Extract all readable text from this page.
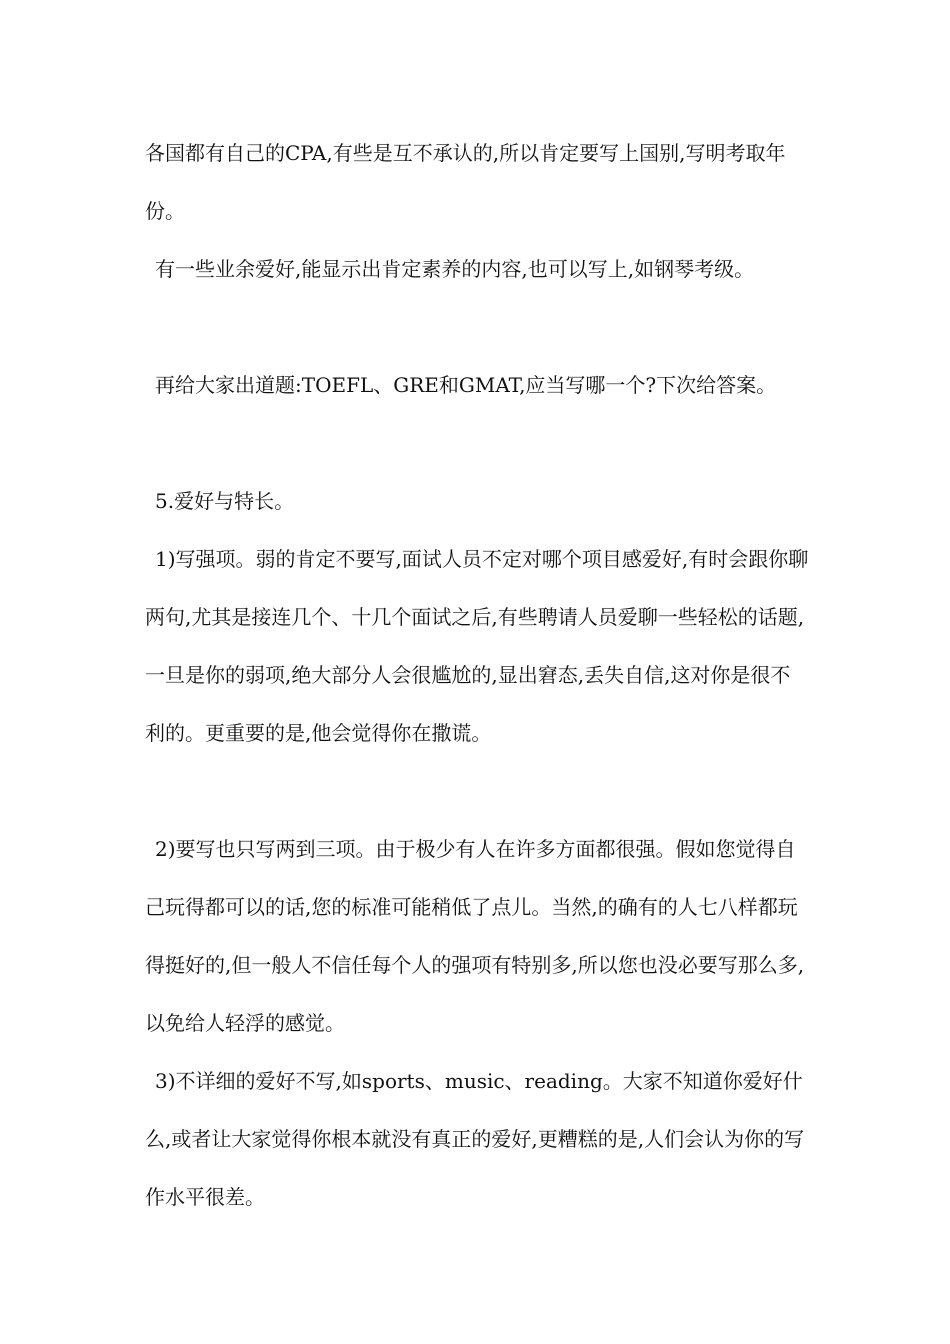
各国都有自己的CPA,有些是互不承认的,所以肯定要写上国别,写明考取年份。

有一些业余爱好,能显示出肯定素养的内容,也可以写上,如钢琴考级。

再给大家出道题:TOEFL、GRE和GMAT,应当写哪一个?下次给答案。

5.爱好与特长。

1)写强项。弱的肯定不要写,面试人员不定对哪个项目感爱好,有时会跟你聊两句,尤其是接连几个、十几个面试之后,有些聘请人员爱聊一些轻松的话题,一旦是你的弱项,绝大部分人会很尴尬的,显出窘态,丢失自信,这对你是很不利的。更重要的是,他会觉得你在撒谎。

2)要写也只写两到三项。由于极少有人在许多方面都很强。假如您觉得自己玩得都可以的话,您的标准可能稍低了点儿。当然,的确有的人七八样都玩得挺好的,但一般人不信任每个人的强项有特别多,所以您也没必要写那么多,以免给人轻浮的感觉。

3)不详细的爱好不写,如sports、music、reading。大家不知道你爱好什么,或者让大家觉得你根本就没有真正的爱好,更糟糕的是,人们会认为你的写作水平很差。
